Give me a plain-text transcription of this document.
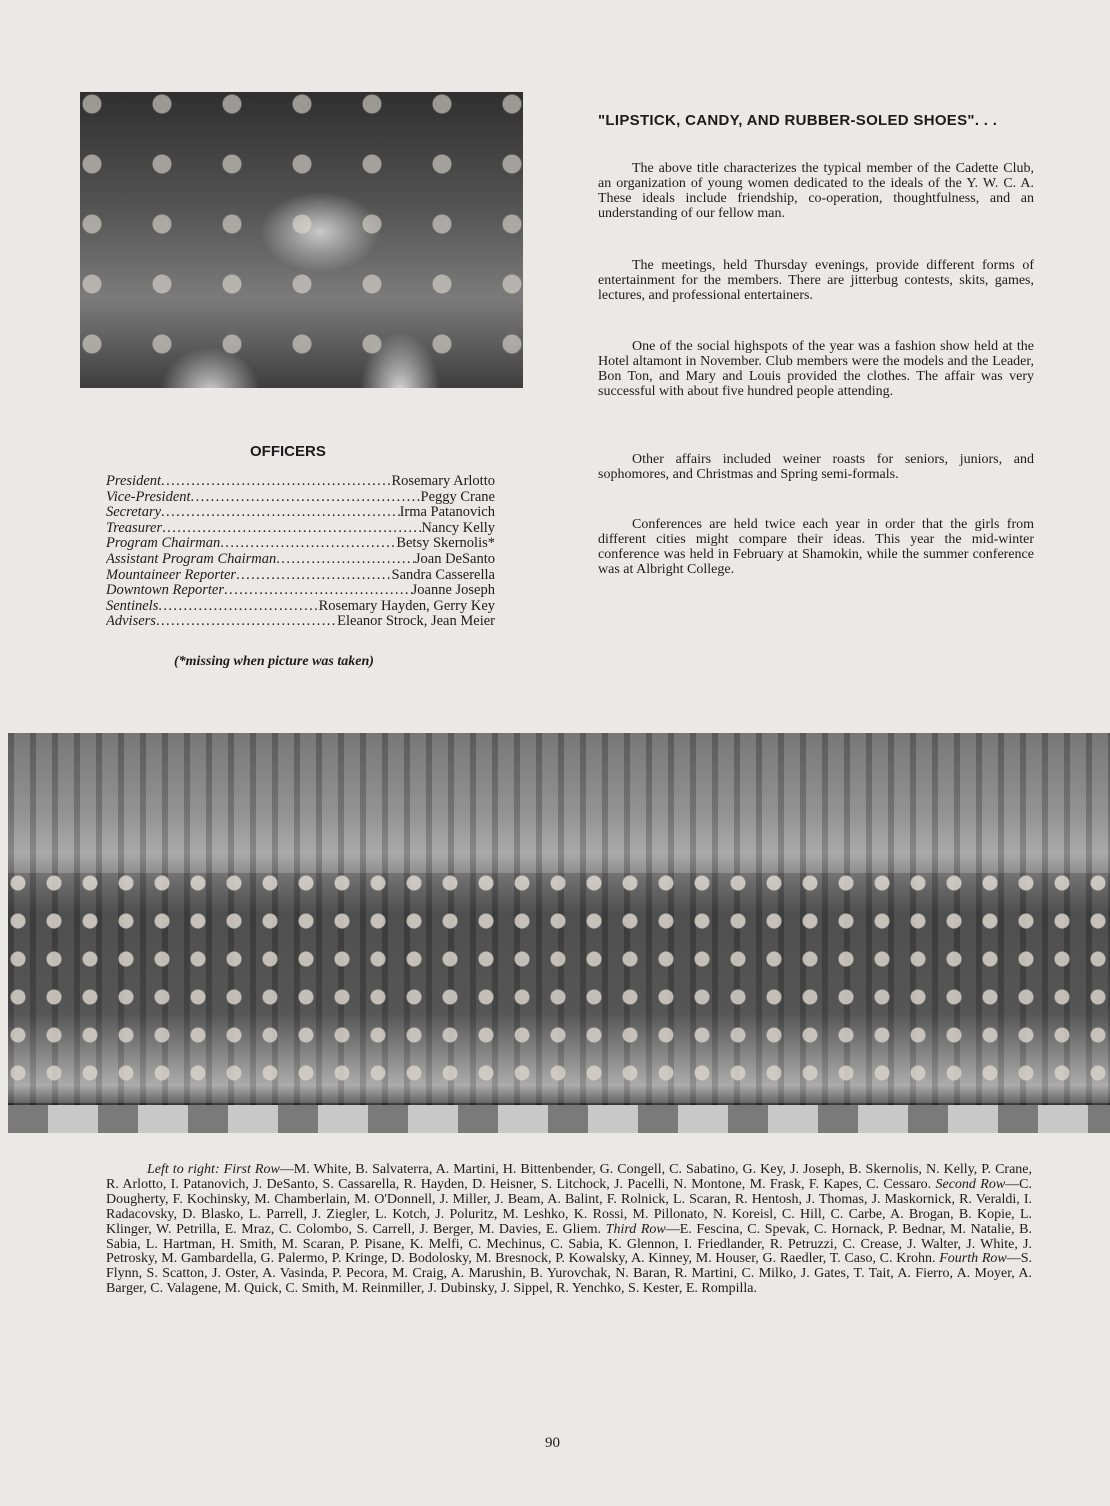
"LIPSTICK, CANDY, AND RUBBER-SOLED SHOES". . .

The above title characterizes the typical member of the Cadette Club, an organization of young women dedicated to the ideals of the Y. W. C. A. These ideals include friendship, co-operation, thoughtfulness, and an understanding of our fellow man.

The meetings, held Thursday evenings, provide different forms of entertainment for the members. There are jitterbug contests, skits, games, lectures, and professional entertainers.

One of the social highspots of the year was a fashion show held at the Hotel altamont in November. Club members were the models and the Leader, Bon Ton, and Mary and Louis provided the clothes. The affair was very successful with about five hundred people attending.

Other affairs included weiner roasts for seniors, juniors, and sophomores, and Christmas and Spring semi-formals.

Conferences are held twice each year in order that the girls from different cities might compare their ideas. This year the mid-winter conference was held in February at Shamokin, while the summer conference was at Albright College.

OFFICERS
President .....	Rosemary Arlotto
Vice-President .....	Peggy Crane
Secretary .....	Irma Patanovich
Treasurer .....	Nancy Kelly
Program Chairman .....	Betsy Skernolis*
Assistant Program Chairman .....	Joan DeSanto
Mountaineer Reporter .....	Sandra Casserella
Downtown Reporter .....	Joanne Joseph
Sentinels .....	Rosemary Hayden, Gerry Key
Advisers .....	Eleanor Strock, Jean Meier
(*missing when picture was taken)

Left to right: First Row—M. White, B. Salvaterra, A. Martini, H. Bittenbender, G. Congell, C. Sabatino, G. Key, J. Joseph, B. Skernolis, N. Kelly, P. Crane, R. Arlotto, I. Patanovich, J. DeSanto, S. Cassarella, R. Hayden, D. Heisner, S. Litchock, J. Pacelli, N. Montone, M. Frask, F. Kapes, C. Cessaro. Second Row—C. Dougherty, F. Kochinsky, M. Chamberlain, M. O'Donnell, J. Miller, J. Beam, A. Balint, F. Rolnick, L. Scaran, R. Hentosh, J. Thomas, J. Maskornick, R. Veraldi, I. Radacovsky, D. Blasko, L. Parrell, J. Ziegler, L. Kotch, J. Poluritz, M. Leshko, K. Rossi, M. Pillonato, N. Koreisl, C. Hill, C. Carbe, A. Brogan, B. Kopie, L. Klinger, W. Petrilla, E. Mraz, C. Colombo, S. Carrell, J. Berger, M. Davies, E. Gliem. Third Row—E. Fescina, C. Spevak, C. Hornack, P. Bednar, M. Natalie, B. Sabia, L. Hartman, H. Smith, M. Scaran, P. Pisane, K. Melfi, C. Mechinus, C. Sabia, K. Glennon, I. Friedlander, R. Petruzzi, C. Crease, J. Walter, J. White, J. Petrosky, M. Gambardella, G. Palermo, P. Kringe, D. Bodolosky, M. Bresnock, P. Kowalsky, A. Kinney, M. Houser, G. Raedler, T. Caso, C. Krohn. Fourth Row—S. Flynn, S. Scatton, J. Oster, A. Vasinda, P. Pecora, M. Craig, A. Marushin, B. Yurovchak, N. Baran, R. Martini, C. Milko, J. Gates, T. Tait, A. Fierro, A. Moyer, A. Barger, C. Valagene, M. Quick, C. Smith, M. Reinmiller, J. Dubinsky, J. Sippel, R. Yenchko, S. Kester, E. Rompilla.

90
